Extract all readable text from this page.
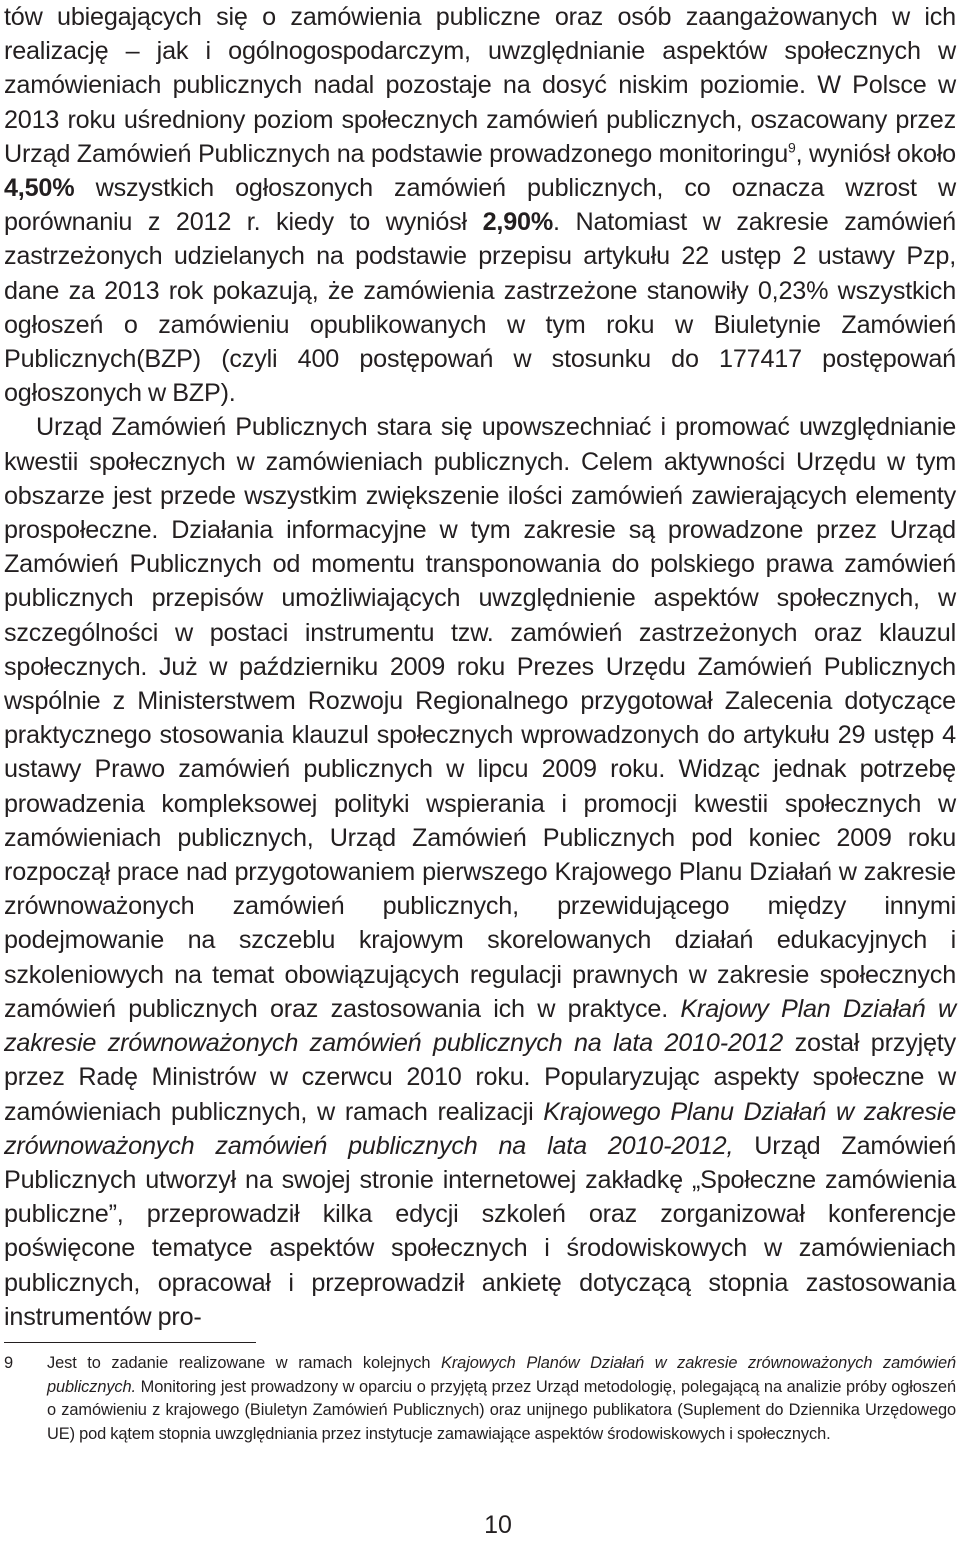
tów ubiegających się o zamówienia publiczne oraz osób zaangażowanych w ich realizację – jak i ogólnogospodarczym, uwzględnianie aspektów społecznych w zamówieniach publicznych nadal pozostaje na dosyć niskim poziomie. W Polsce w 2013 roku uśredniony poziom społecznych zamówień publicznych, oszacowany przez Urząd Zamówień Publicznych na podstawie prowadzonego monitoringu$^9$, wyniósł około 4,50% wszystkich ogłoszonych zamówień publicznych, co oznacza wzrost w porównaniu z 2012 r. kiedy to wyniósł 2,90%. Natomiast w zakresie zamówień zastrzeżonych udzielanych na podstawie przepisu artykułu 22 ustęp 2 ustawy Pzp, dane za 2013 rok pokazują, że zamówienia zastrzeżone stanowiły 0,23% wszystkich ogłoszeń o zamówieniu opublikowanych w tym roku w Biuletynie Zamówień Publicznych(BZP) (czyli 400 postępowań w stosunku do 177417 postępowań ogłoszonych w BZP).

Urząd Zamówień Publicznych stara się upowszechniać i promować uwzględnianie kwestii społecznych w zamówieniach publicznych. Celem aktywności Urzędu w tym obszarze jest przede wszystkim zwiększenie ilości zamówień zawierających elementy prospołeczne. Działania informacyjne w tym zakresie są prowadzone przez Urząd Zamówień Publicznych od momentu transponowania do polskiego prawa zamówień publicznych przepisów umożliwiających uwzględnienie aspektów społecznych, w szczególności w postaci instrumentu tzw. zamówień zastrzeżonych oraz klauzul społecznych. Już w październiku 2009 roku Prezes Urzędu Zamówień Publicznych wspólnie z Ministerstwem Rozwoju Regionalnego przygotował Zalecenia dotyczące praktycznego stosowania klauzul społecznych wprowadzonych do artykułu 29 ustęp 4 ustawy Prawo zamówień publicznych w lipcu 2009 roku. Widząc jednak potrzebę prowadzenia kompleksowej polityki wspierania i promocji kwestii społecznych w zamówieniach publicznych, Urząd Zamówień Publicznych pod koniec 2009 roku rozpoczął prace nad przygotowaniem pierwszego Krajowego Planu Działań w zakresie zrównoważonych zamówień publicznych, przewidującego między innymi podejmowanie na szczeblu krajowym skorelowanych działań edukacyjnych i szkoleniowych na temat obowiązujących regulacji prawnych w zakresie społecznych zamówień publicznych oraz zastosowania ich w praktyce. Krajowy Plan Działań w zakresie zrównoważonych zamówień publicznych na lata 2010-2012 został przyjęty przez Radę Ministrów w czerwcu 2010 roku. Popularyzując aspekty społeczne w zamówieniach publicznych, w ramach realizacji Krajowego Planu Działań w zakresie zrównoważonych zamówień publicznych na lata 2010-2012, Urząd Zamówień Publicznych utworzył na swojej stronie internetowej zakładkę „Społeczne zamówienia publiczne”, przeprowadził kilka edycji szkoleń oraz zorganizował konferencje poświęcone tematyce aspektów społecznych i środowiskowych w zamówieniach publicznych, opracował i przeprowadził ankietę dotyczącą stopnia zastosowania instrumentów pro-

9 Jest to zadanie realizowane w ramach kolejnych Krajowych Planów Działań w zakresie zrównoważonych zamówień publicznych. Monitoring jest prowadzony w oparciu o przyjętą przez Urząd metodologię, polegającą na analizie próby ogłoszeń o zamówieniu z krajowego (Biuletyn Zamówień Publicznych) oraz unijnego publikatora (Suplement do Dziennika Urzędowego UE) pod kątem stopnia uwzględniania przez instytucje zamawiające aspektów środowiskowych i społecznych.
10
